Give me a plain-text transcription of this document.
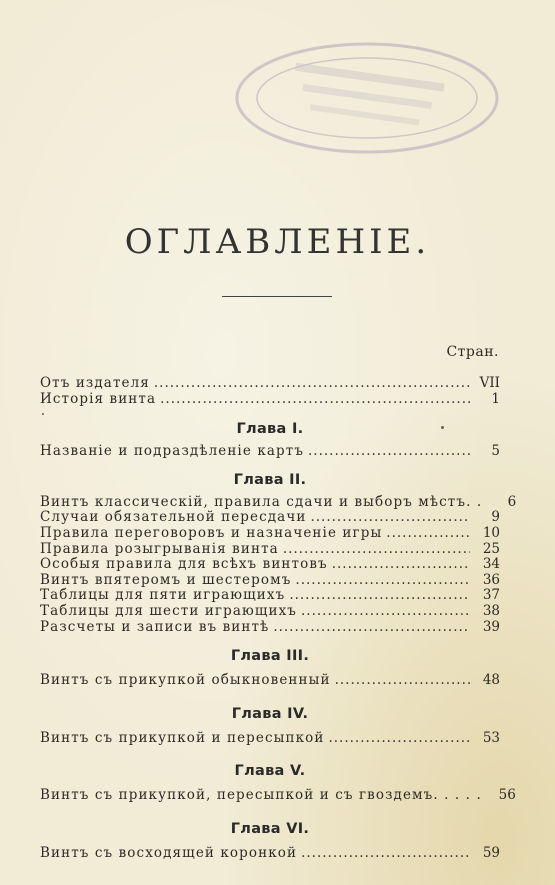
ОГЛАВЛЕНІЕ.
Стран.
Отъ издателя .....	VII
Исторія винта .....	1
Глава I.
Названіе и подраздѣленіе картъ .....	5
Глава II.
Винтъ классическій, правила сдачи и выборъ мѣстъ. .	6
Случаи обязательной пересдачи .....	9
Правила переговоровъ и назначеніе игры .....	10
Правила розыгрыванія винта .....	25
Особыя правила для всѣхъ винтовъ .....	34
Винтъ впятеромъ и шестеромъ .....	36
Таблицы для пяти играющихъ .....	37
Таблицы для шести играющихъ .....	38
Разсчеты и записи въ винтѣ .....	39
Глава III.
Винтъ съ прикупкой обыкновенный .....	48
Глава IV.
Винтъ съ прикупкой и пересыпкой .....	53
Глава V.
Винтъ съ прикупкой, пересыпкой и съ гвоздемъ. . . . .	56
Глава VI.
Винтъ съ восходящей коронкой .....	59
